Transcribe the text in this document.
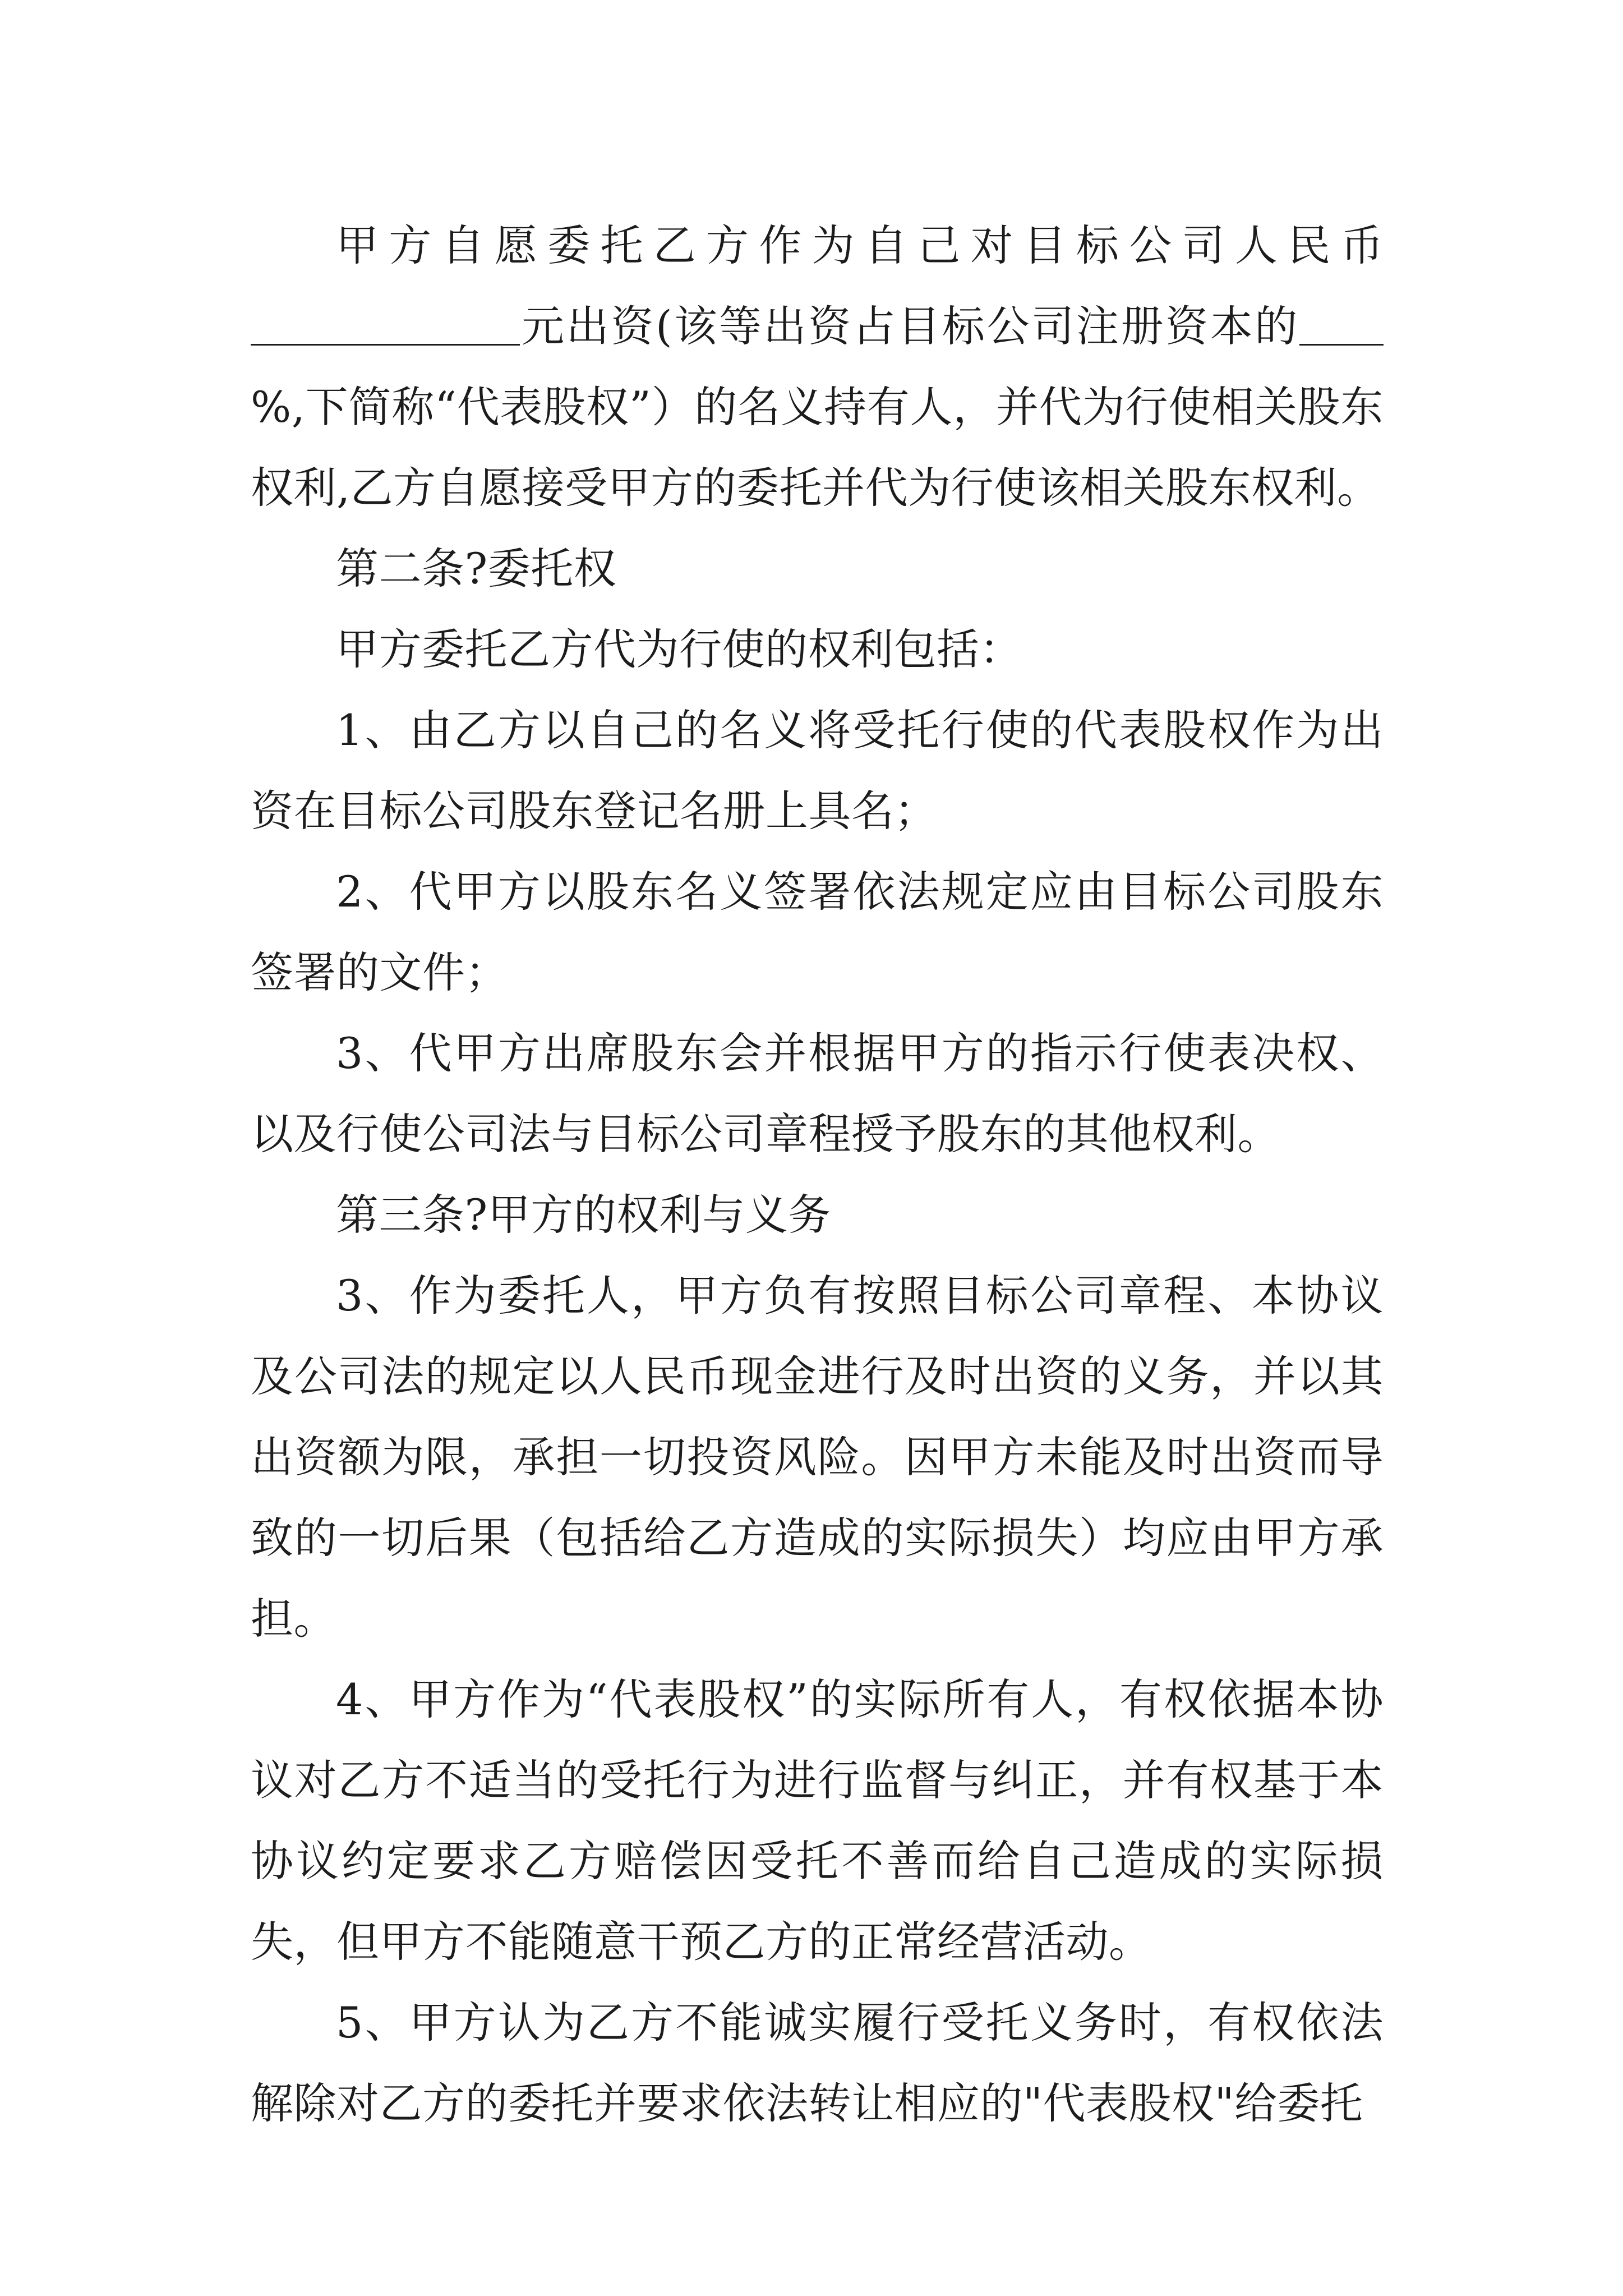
甲方自愿委托乙方作为自己对目标公司人民币元出资(该等出资占目标公司注册资本的%,下简称“代表股权”）的名义持有人，并代为行使相关股东权利,乙方自愿接受甲方的委托并代为行使该相关股东权利。

第二条?委托权

甲方委托乙方代为行使的权利包括：

1、由乙方以自己的名义将受托行使的代表股权作为出资在目标公司股东登记名册上具名；

2、代甲方以股东名义签署依法规定应由目标公司股东签署的文件；

3、代甲方出席股东会并根据甲方的指示行使表决权、以及行使公司法与目标公司章程授予股东的其他权利。

第三条?甲方的权利与义务

3、作为委托人，甲方负有按照目标公司章程、本协议及公司法的规定以人民币现金进行及时出资的义务，并以其出资额为限，承担一切投资风险。因甲方未能及时出资而导致的一切后果（包括给乙方造成的实际损失）均应由甲方承担。

4、甲方作为“代表股权”的实际所有人，有权依据本协议对乙方不适当的受托行为进行监督与纠正，并有权基于本协议约定要求乙方赔偿因受托不善而给自己造成的实际损失，但甲方不能随意干预乙方的正常经营活动。

5、甲方认为乙方不能诚实履行受托义务时，有权依法解除对乙方的委托并要求依法转让相应的"代表股权"给委托
